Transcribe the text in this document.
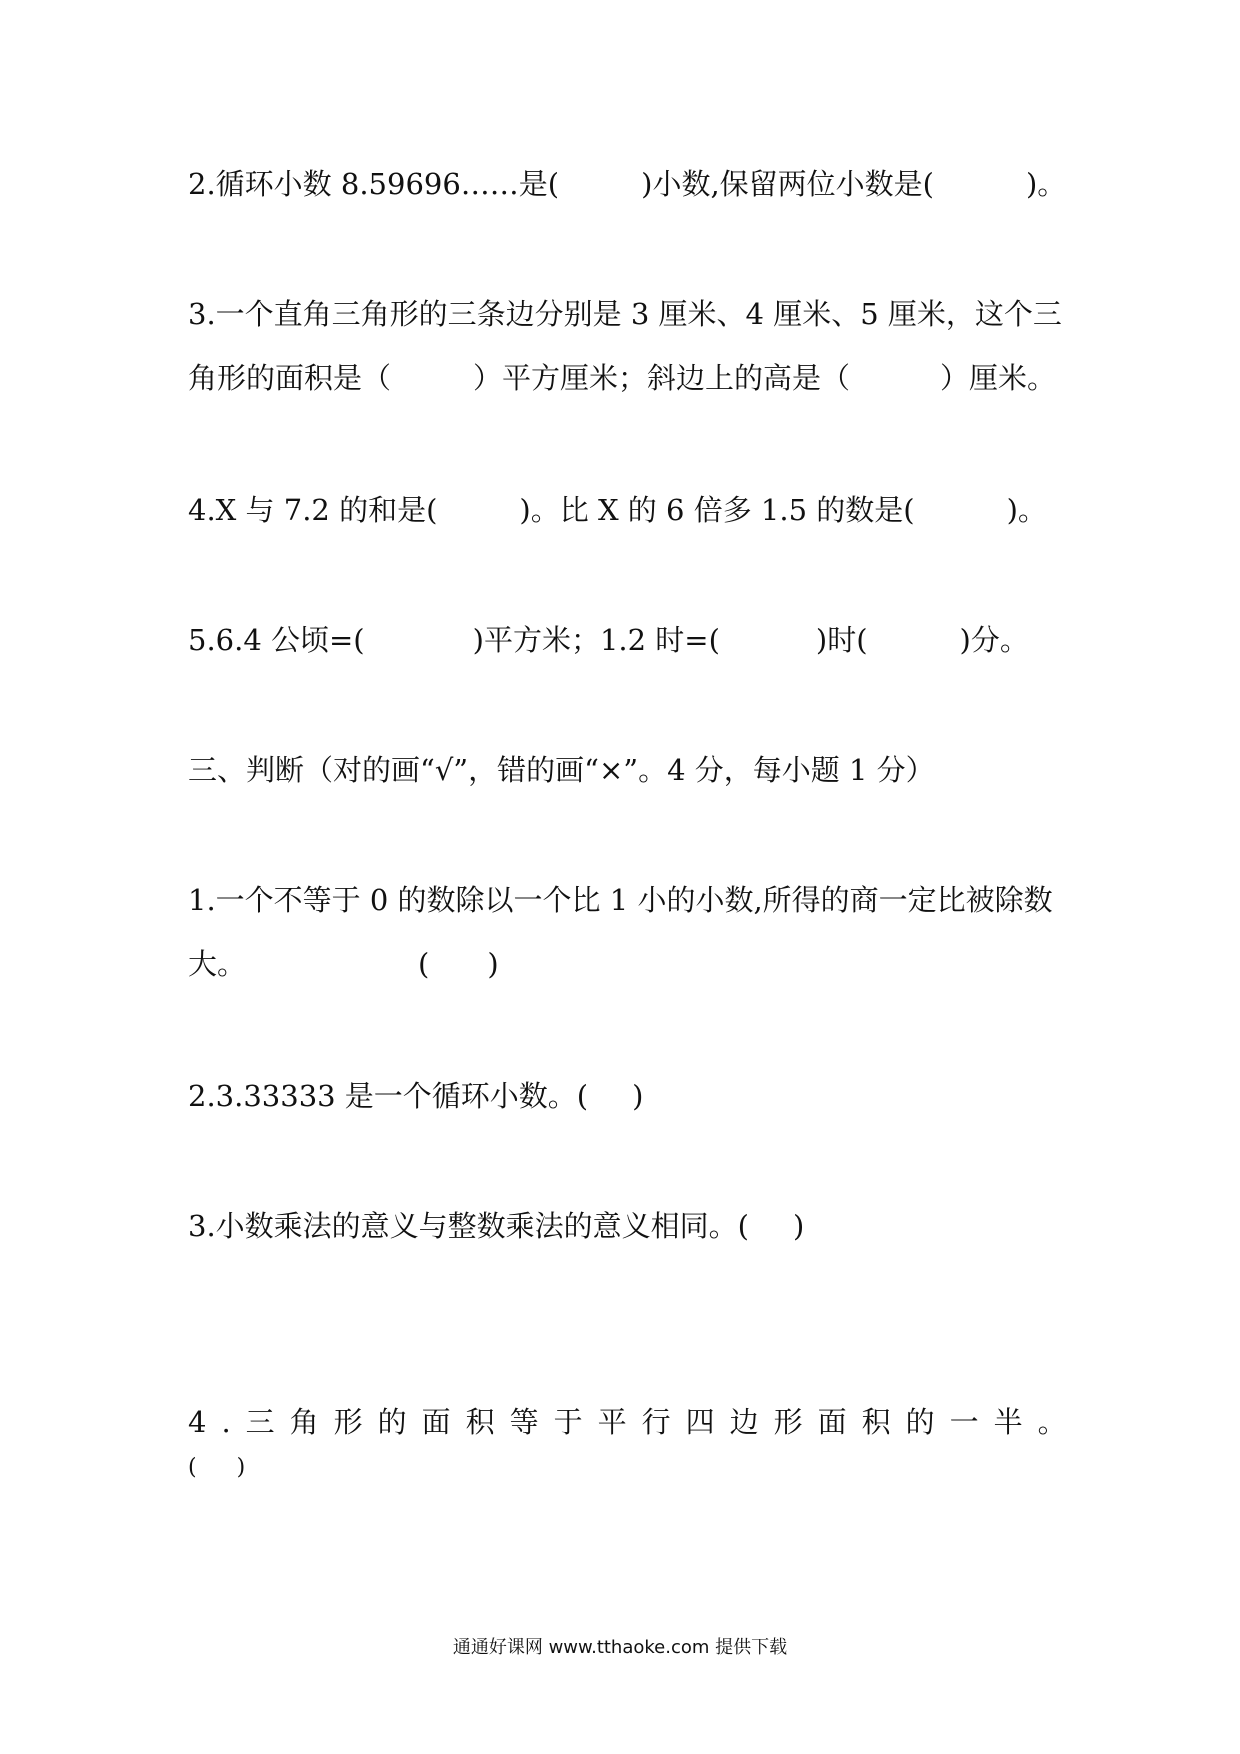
2.循环小数 8.59696……是(	)小数,保留两位小数是(	)。
3.一个直角三角形的三条边分别是 3 厘米、4 厘米、5 厘米，这个三
角形的面积是（	）平方厘米；斜边上的高是（	）厘米。
4.X 与 7.2 的和是(	)。比 X 的 6 倍多 1.5 的数是(	)。
5.6.4 公顷=(	)平方米；1.2 时=(	)时(	)分。
三、判断（对的画“√”，错的画“×”。4 分，每小题 1 分）
1.一个不等于 0 的数除以一个比 1 小的小数,所得的商一定比被除数
大。	( )
2.3.33333 是一个循环小数。( )
3.小数乘法的意义与整数乘法的意义相同。( )
4.三角形的面积等于平行四边形面积的一半。
( )
通通好课网 www.tthaoke.com 提供下载
